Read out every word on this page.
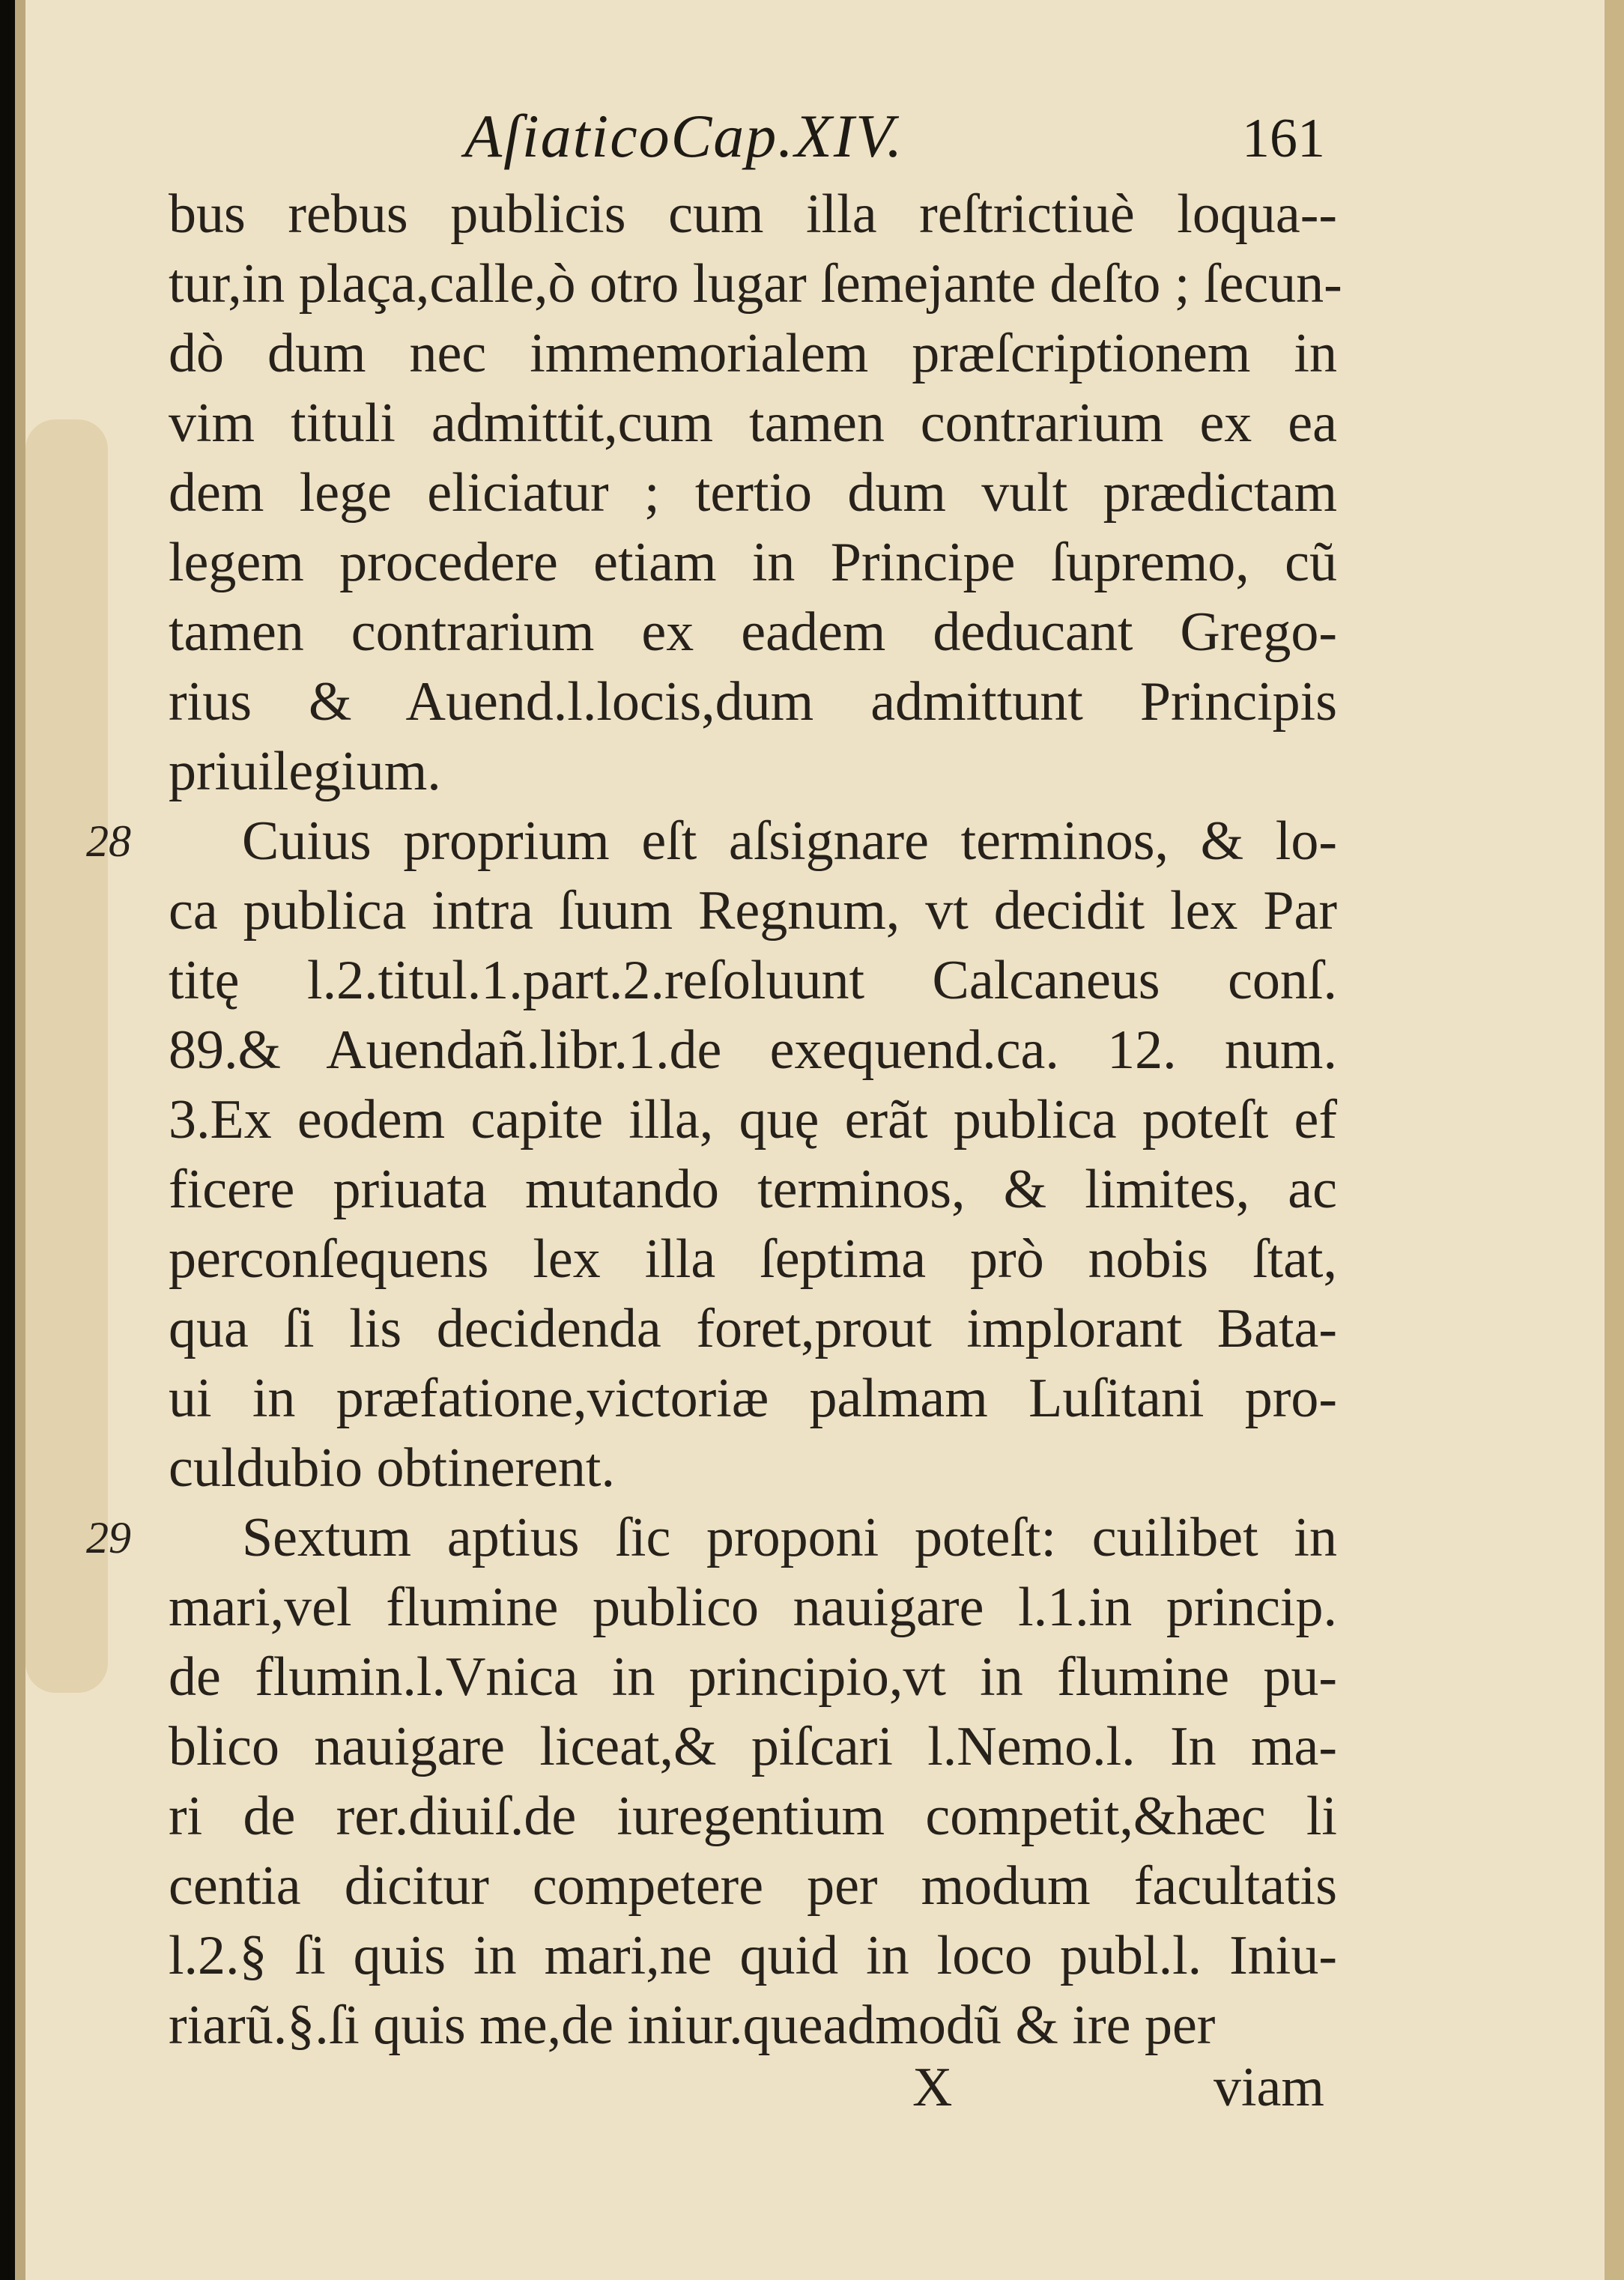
AſiaticoCap.XIV.	161
bus rebus publicis cum illa reſtrictiuè loqua--
tur,in plaça,calle,ò otro lugar ſemejante deſto ; ſecun-
dò dum nec immemorialem præſcriptionem in
vim tituli admittit,cum tamen contrarium ex ea
dem lege eliciatur ; tertio dum vult prædictam
legem procedere etiam in Principe ſupremo, cũ
tamen contrarium ex eadem deducant Grego-
rius & Auend.l.locis,dum admittunt Principis
priuilegium.
28 Cuius proprium eſt aſsignare terminos, & lo-
ca publica intra ſuum Regnum, vt decidit lex Par
titę l.2.titul.1.part.2.reſoluunt Calcaneus conſ.
89.& Auendañ.libr.1.de exequend.ca. 12. num.
3.Ex eodem capite illa, quę erãt publica poteſt ef
ficere priuata mutando terminos, & limites, ac
perconſequens lex illa ſeptima prò nobis ſtat,
qua ſi lis decidenda foret,prout implorant Bata-
ui in præfatione,victoriæ palmam Luſitani pro-
culdubio obtinerent.
29 Sextum aptius ſic proponi poteſt: cuilibet in
mari,vel flumine publico nauigare l.1.in princip.
de flumin.l.Vnica in principio,vt in flumine pu-
blico nauigare liceat,& piſcari l.Nemo.l. In ma-
ri de rer.diuiſ.de iuregentium competit,&hæc li
centia dicitur competere per modum facultatis
l.2.§ ſi quis in mari,ne quid in loco publ.l. Iniu-
riarũ.§.ſi quis me,de iniur.queadmodũ & ire per
X	viam
